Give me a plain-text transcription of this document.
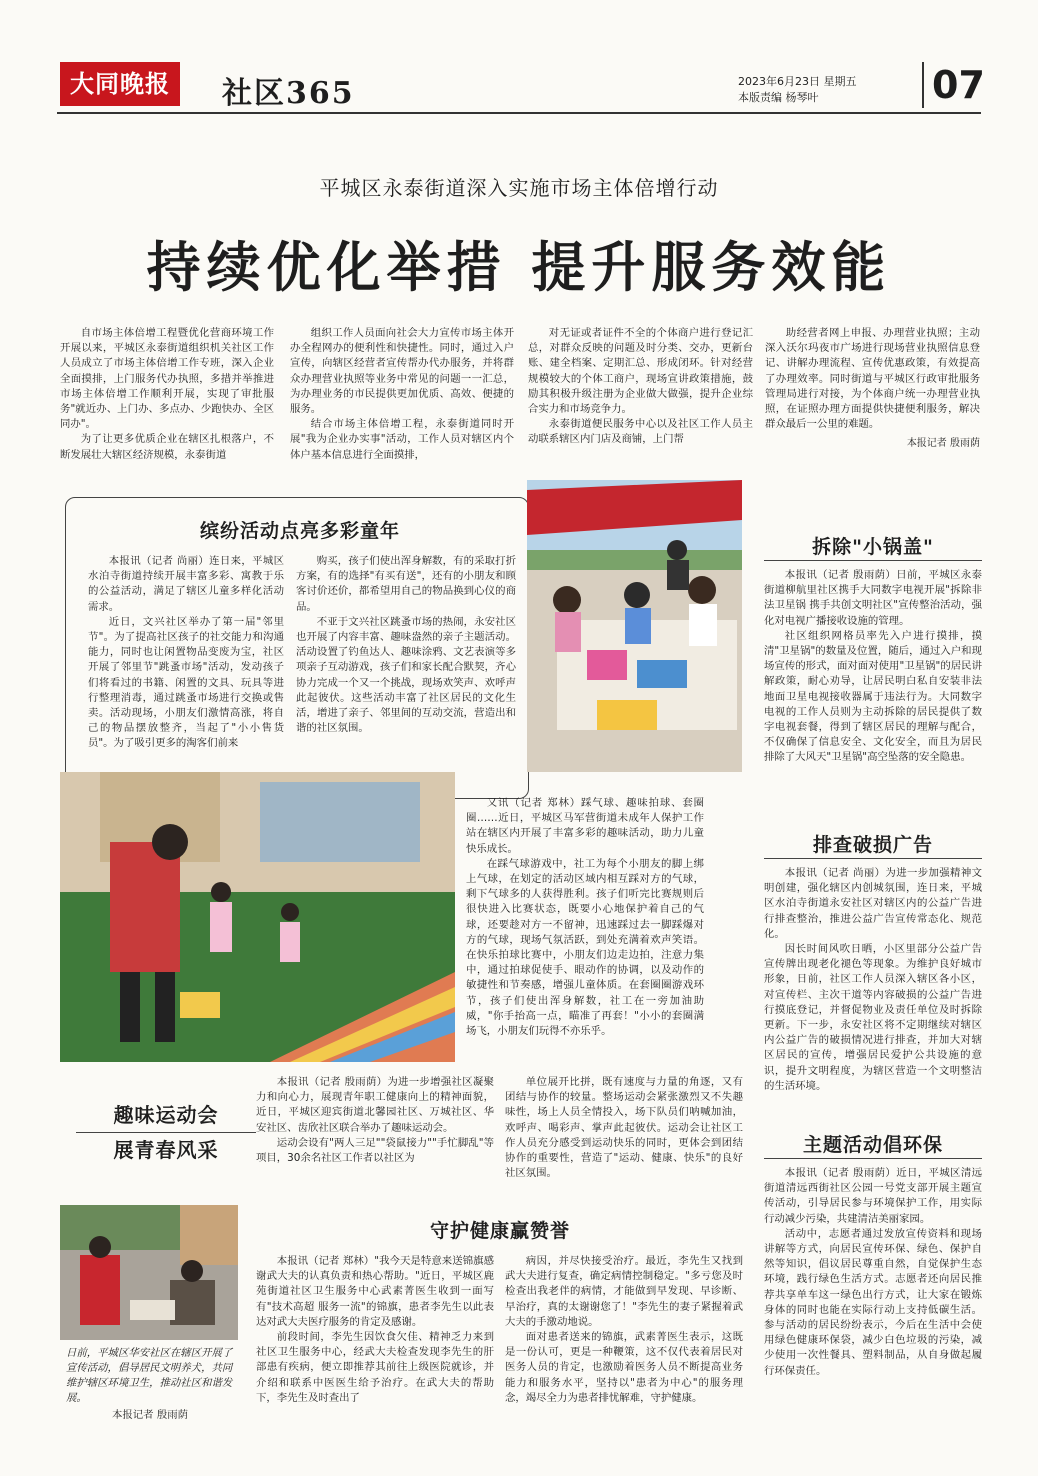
大同晚报	社区365	2023年6月23日 星期五
本版责编 杨琴叶	07
平城区永泰街道深入实施市场主体倍增行动
持续优化举措 提升服务效能

自市场主体倍增工程暨优化营商环境工作开展以来，平城区永泰街道组织机关社区工作人员成立了市场主体倍增工作专班，深入企业全面摸排，上门服务代办执照，多措并举推进市场主体倍增工作顺利开展，实现了审批服务"就近办、上门办、多点办、少跑快办、全区同办"。

为了让更多优质企业在辖区扎根落户，不断发展壮大辖区经济规模，永泰街道

组织工作人员面向社会大力宣传市场主体开办全程网办的便利性和快捷性。同时，通过入户宣传，向辖区经营者宣传帮办代办服务，并将群众办理营业执照等业务中常见的问题一一汇总，为办理业务的市民提供更加优质、高效、便捷的服务。

结合市场主体倍增工程，永泰街道同时开展"我为企业办实事"活动，工作人员对辖区内个体户基本信息进行全面摸排，

对无证或者证件不全的个体商户进行登记汇总，对群众反映的问题及时分类、交办，更新台账、建全档案、定期汇总、形成闭环。针对经营规模较大的个体工商户，现场宣讲政策措施，鼓励其积极升级注册为企业做大做强，提升企业综合实力和市场竞争力。

永泰街道便民服务中心以及社区工作人员主动联系辖区内门店及商铺，上门帮

助经营者网上申报、办理营业执照；主动深入沃尔玛夜市广场进行现场营业执照信息登记、讲解办理流程、宣传优惠政策，有效提高了办理效率。同时街道与平城区行政审批服务管理局进行对接，为个体商户统一办理营业执照，在证照办理方面提供快捷便利服务，解决群众最后一公里的难题。

本报记者 殷雨荫
缤纷活动点亮多彩童年

本报讯（记者 尚丽）连日来，平城区水泊寺街道持续开展丰富多彩、寓教于乐的公益活动，满足了辖区儿童多样化活动需求。

近日，文兴社区举办了第一届"邻里节"。为了提高社区孩子的社交能力和沟通能力，同时也让闲置物品变废为宝，社区开展了邻里节"跳蚤市场"活动，发动孩子们将看过的书籍、闲置的文具、玩具等进行整理消毒，通过跳蚤市场进行交换或售卖。活动现场，小朋友们激情高涨，将自己的物品摆放整齐，当起了"小小售货员"。为了吸引更多的淘客们前来

购买，孩子们使出浑身解数，有的采取打折方案，有的选择"有买有送"，还有的小朋友和顾客讨价还价，都希望用自己的物品换到心仪的商品。

不亚于文兴社区跳蚤市场的热闹，永安社区也开展了内容丰富、趣味盎然的亲子主题活动。活动设置了钓鱼达人、趣味涂鸦、文艺表演等多项亲子互动游戏，孩子们和家长配合默契，齐心协力完成一个又一个挑战，现场欢笑声、欢呼声此起彼伏。这些活动丰富了社区居民的文化生活，增进了亲子、邻里间的互动交流，营造出和谐的社区氛围。

又讯（记者 郑林）踩气球、趣味拍球、套圈圈……近日，平城区马军营街道未成年人保护工作站在辖区内开展了丰富多彩的趣味活动，助力儿童快乐成长。

在踩气球游戏中，社工为每个小朋友的脚上绑上气球，在划定的活动区域内相互踩对方的气球，剩下气球多的人获得胜利。孩子们听完比赛规则后很快进入比赛状态，既要小心地保护着自己的气球，还要趁对方一不留神，迅速踩过去一脚踩爆对方的气球，现场气氛活跃，到处充满着欢声笑语。在快乐拍球比赛中，小朋友们边走边拍，注意力集中，通过拍球促使手、眼动作的协调，以及动作的敏捷性和节奏感，增强儿童体质。在套圈圈游戏环节，孩子们使出浑身解数，社工在一旁加油助威，"你手抬高一点，瞄准了再套！"小小的套圈满场飞，小朋友们玩得不亦乐乎。

拆除"小锅盖"

本报讯（记者 殷雨荫）日前，平城区永泰街道柳航里社区携手大同数字电视开展"拆除非法卫星锅 携手共创文明社区"宣传整治活动，强化对电视广播接收设施的管理。

社区组织网格员率先入户进行摸排，摸清"卫星锅"的数量及位置，随后，通过入户和现场宣传的形式，面对面对使用"卫星锅"的居民讲解政策，耐心劝导，让居民明白私自安装非法地面卫星电视接收器属于违法行为。大同数字电视的工作人员则为主动拆除的居民提供了数字电视套餐，得到了辖区居民的理解与配合，不仅确保了信息安全、文化安全，而且为居民排除了大风天"卫星锅"高空坠落的安全隐患。

排查破损广告

本报讯（记者 尚丽）为进一步加强精神文明创建，强化辖区内创城氛围，连日来，平城区水泊寺街道永安社区对辖区内的公益广告进行排查整治，推进公益广告宣传常态化、规范化。

因长时间风吹日晒，小区里部分公益广告宣传牌出现老化褪色等现象。为维护良好城市形象，日前，社区工作人员深入辖区各小区，对宣传栏、主次干道等内容破损的公益广告进行摸底登记，并督促物业及责任单位及时拆除更新。下一步，永安社区将不定期继续对辖区内公益广告的破损情况进行排查，并加大对辖区居民的宣传，增强居民爱护公共设施的意识，提升文明程度，为辖区营造一个文明整洁的生活环境。

主题活动倡环保

本报讯（记者 殷雨荫）近日，平城区清远街道清远西街社区公园一号党支部开展主题宣传活动，引导居民参与环境保护工作，用实际行动减少污染，共建清洁美丽家园。

活动中，志愿者通过发放宣传资料和现场讲解等方式，向居民宣传环保、绿色、保护自然等知识，倡议居民尊重自然，自觉保护生态环境，践行绿色生活方式。志愿者还向居民推荐共享单车这一绿色出行方式，让大家在锻炼身体的同时也能在实际行动上支持低碳生活。参与活动的居民纷纷表示，今后在生活中会使用绿色健康环保袋，减少白色垃圾的污染，减少使用一次性餐具、塑料制品，从自身做起履行环保责任。

趣味运动会
展青春风采

本报讯（记者 殷雨荫）为进一步增强社区凝聚力和向心力，展现青年职工健康向上的精神面貌，近日，平城区迎宾街道北馨园社区、万城社区、华安社区、齿欣社区联合举办了趣味运动会。

运动会设有"两人三足""袋鼠接力""手忙脚乱"等项目，30余名社区工作者以社区为

单位展开比拼，既有速度与力量的角逐，又有团结与协作的较量。整场运动会紧张激烈又不失趣味性，场上人员全情投入，场下队员们呐喊加油，欢呼声、喝彩声、掌声此起彼伏。运动会让社区工作人员充分感受到运动快乐的同时，更体会到团结协作的重要性，营造了"运动、健康、快乐"的良好社区氛围。

日前，平城区华安社区在辖区开展了宣传活动，倡导居民文明养犬，共同维护辖区环境卫生，推动社区和谐发展。
本报记者 殷雨荫
守护健康赢赞誉

本报讯（记者 郑林）"我今天是特意来送锦旗感谢武大夫的认真负责和热心帮助。"近日，平城区鹿苑街道社区卫生服务中心武素菁医生收到一面写有"技术高超 服务一流"的锦旗，患者李先生以此表达对武大夫医疗服务的肯定及感谢。

前段时间，李先生因饮食欠佳、精神乏力来到社区卫生服务中心，经武大夫检查发现李先生的肝部患有疾病，便立即推荐其前往上级医院就诊，并介绍和联系中医医生给予治疗。在武大夫的帮助下，李先生及时查出了

病因，并尽快接受治疗。最近，李先生又找到武大夫进行复查，确定病情控制稳定。"多亏您及时检查出我老伴的病情，才能做到早发现、早诊断、早治疗，真的太谢谢您了！"李先生的妻子紧握着武大夫的手激动地说。

面对患者送来的锦旗，武素菁医生表示，这既是一份认可，更是一种鞭策，这不仅代表着居民对医务人员的肯定，也激励着医务人员不断提高业务能力和服务水平，坚持以"患者为中心"的服务理念，竭尽全力为患者排忧解难，守护健康。
